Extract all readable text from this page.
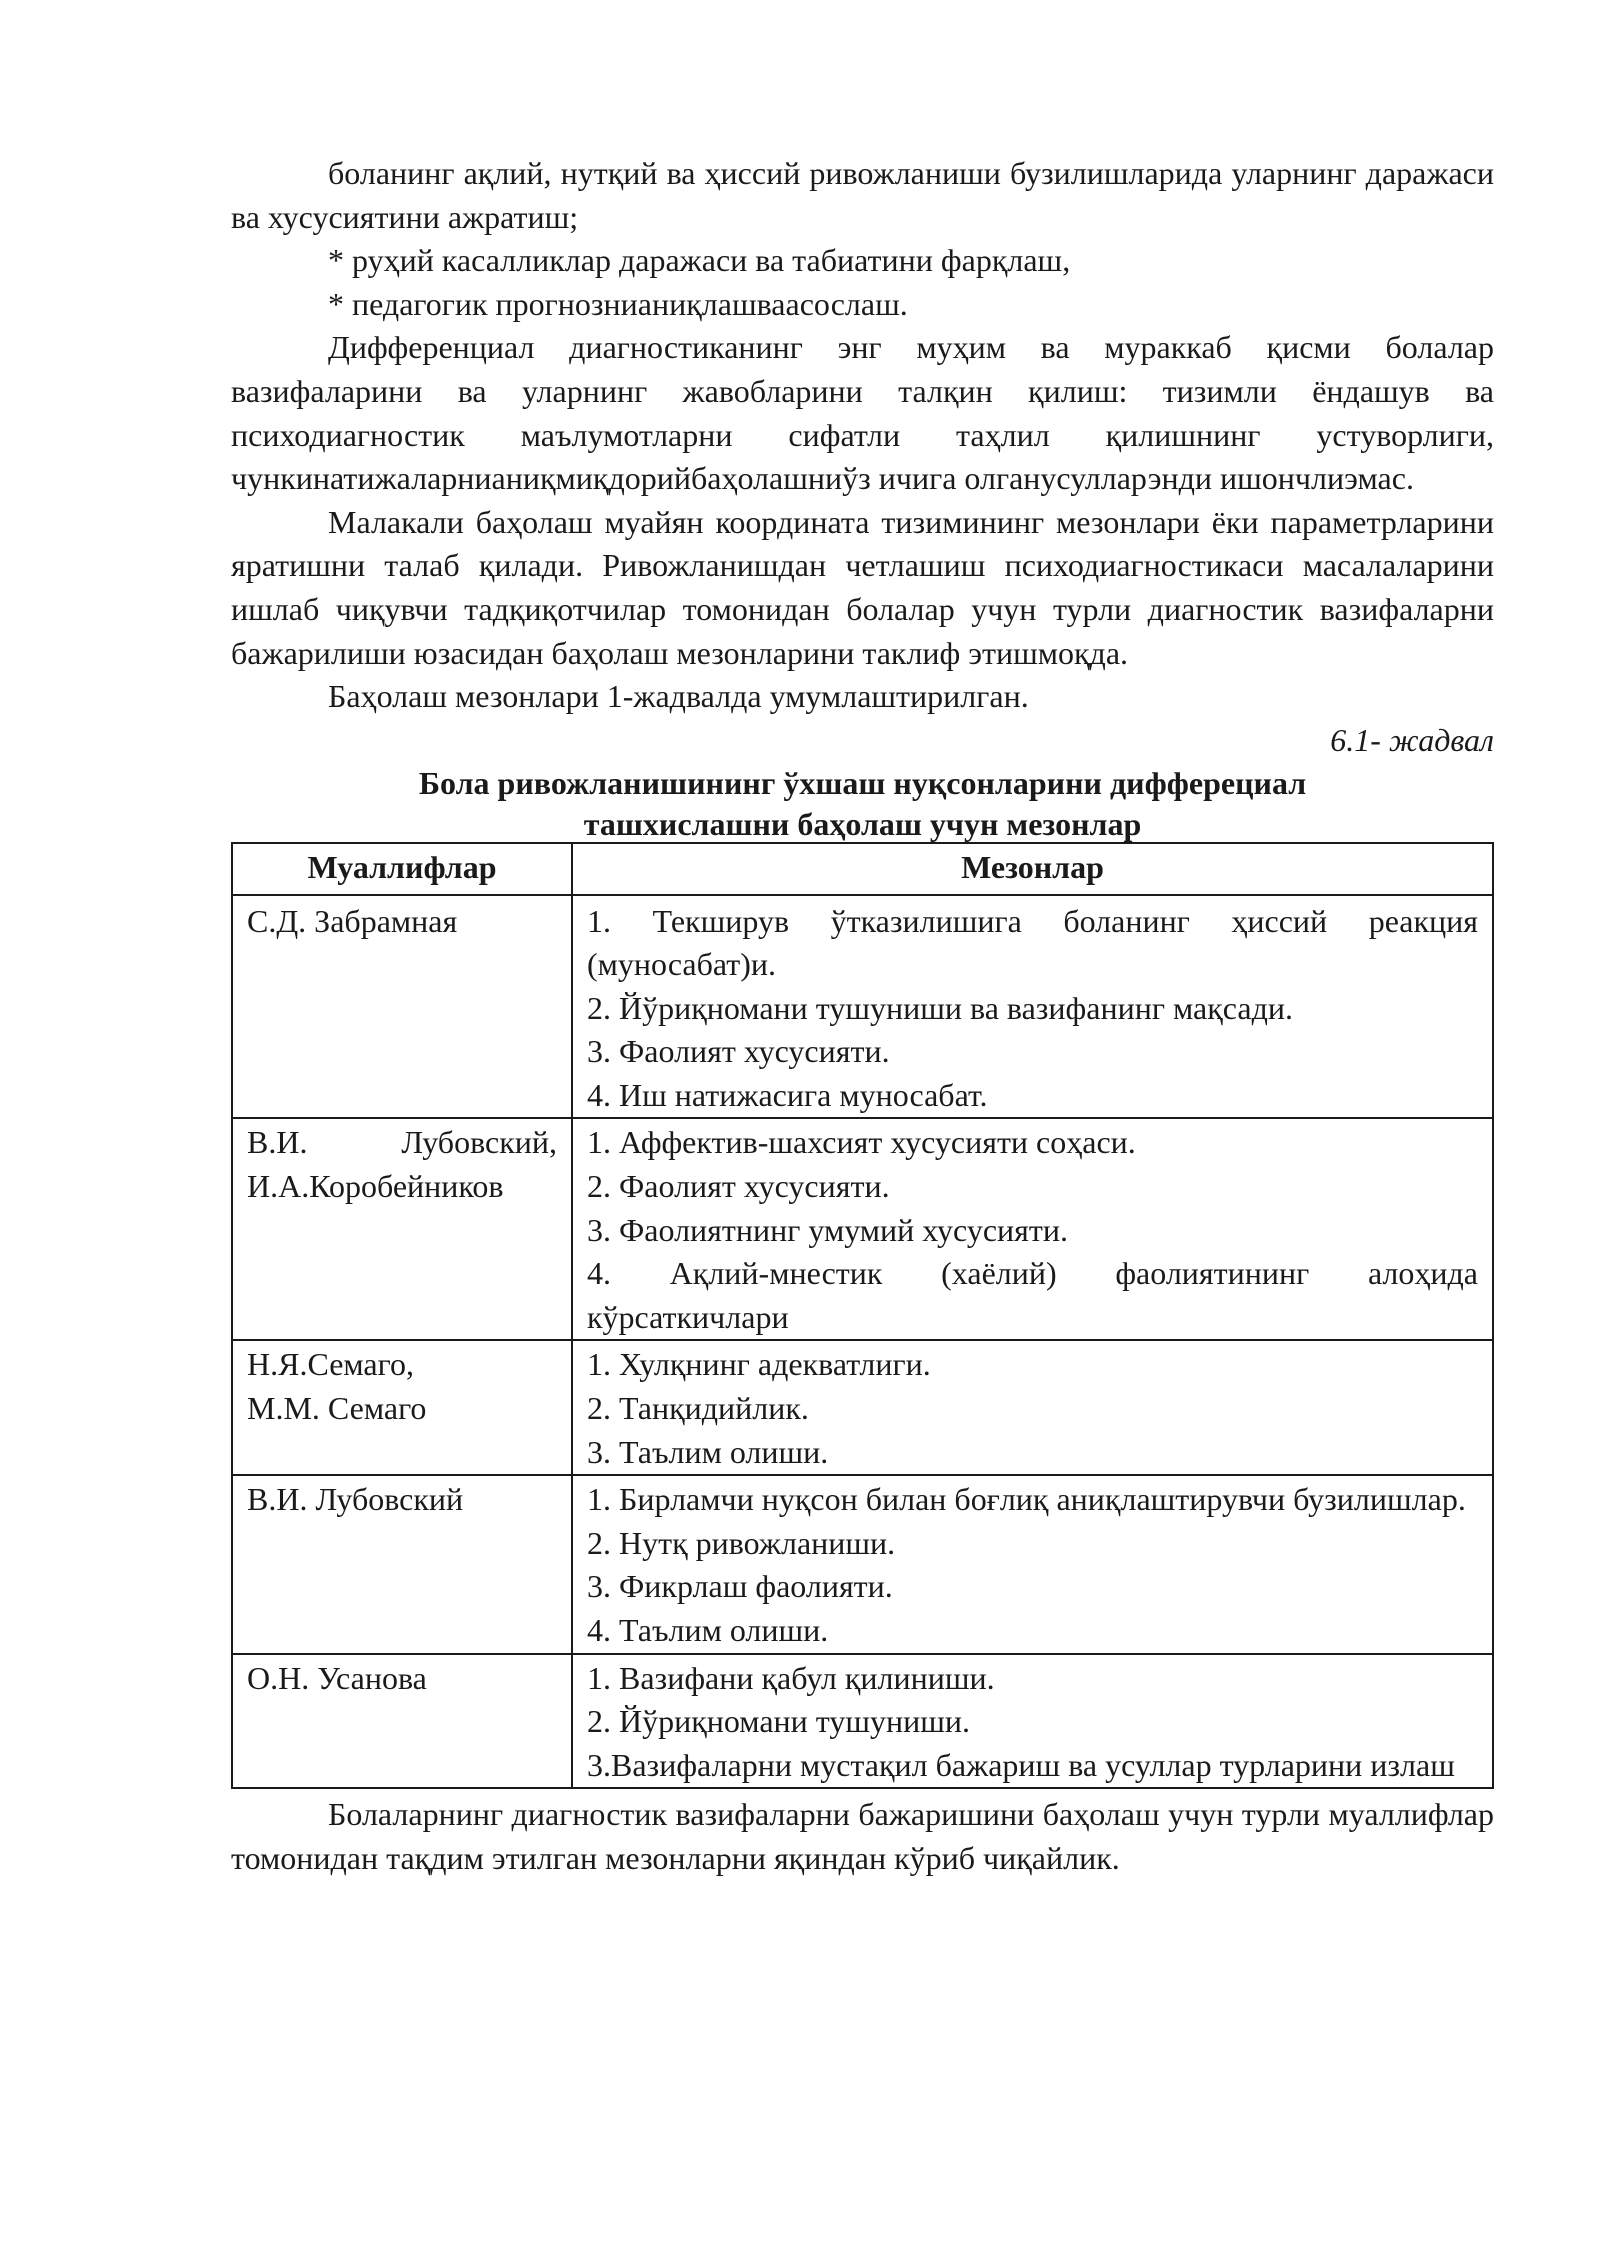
боланинг ақлий, нутқий ва ҳиссий ривожланиши бузилишларида уларнинг даражаси ва хусусиятини ажратиш;

* руҳий касалликлар даражаси ва табиатини фарқлаш,

* педагогик прогнознианиқлашваасослаш.

Дифференциал диагностиканинг энг муҳим ва мураккаб қисми болалар вазифаларини ва уларнинг жавобларини талқин қилиш: тизимли ёндашув ва психодиагностик маълумотларни сифатли таҳлил қилишнинг устуворлиги, чункинатижаларнианиқмиқдорийбаҳолашниўз ичига олганусулларэнди ишончлиэмас.

Малакали баҳолаш муайян координата тизимининг мезонлари ёки параметрларини яратишни талаб қилади. Ривожланишдан четлашиш психодиагностикаси масалаларини ишлаб чиқувчи тадқиқотчилар томонидан болалар учун турли диагностик вазифаларни бажарилиши юзасидан баҳолаш мезонларини таклиф этишмоқда.

Баҳолаш мезонлари 1-жадвалда умумлаштирилган.

6.1- жадвал

Бола ривожланишининг ўхшаш нуқсонларини дифферециал

ташхислашни баҳолаш учун мезонлар

Муаллифлар	Мезонлар
С.Д. Забрамная	1. Текширув ўтказилишига боланинг ҳиссий реакция (муносабат)и.
2. Йўриқномани тушуниши ва вазифанинг мақсади.
3. Фаолият хусусияти.
4. Иш натижасига муносабат.

В.И. Лубовский, И.А.Коробейников	1. Аффектив-шахсият хусусияти соҳаси.
2. Фаолият хусусияти.
3. Фаолиятнинг умумий хусусияти.
4. Ақлий-мнестик (хаёлий) фаолиятининг алоҳида кўрсаткичлари

Н.Я.Семаго,
М.М. Семаго	1. Хулқнинг адекватлиги.
2. Танқидийлик.
3. Таълим олиши.

В.И. Лубовский	1. Бирламчи нуқсон билан боғлиқ аниқлаштирувчи бузилишлар.
2. Нутқ ривожланиши.
3. Фикрлаш фаолияти.
4. Таълим олиши.

О.Н. Усанова	1. Вазифани қабул қилиниши.
2. Йўриқномани тушуниши.
3.Вазифаларни мустақил бажариш ва усуллар турларини излаш

Болаларнинг диагностик вазифаларни бажаришини баҳолаш учун турли муаллифлар томонидан тақдим этилган мезонларни яқиндан кўриб чиқайлик.
